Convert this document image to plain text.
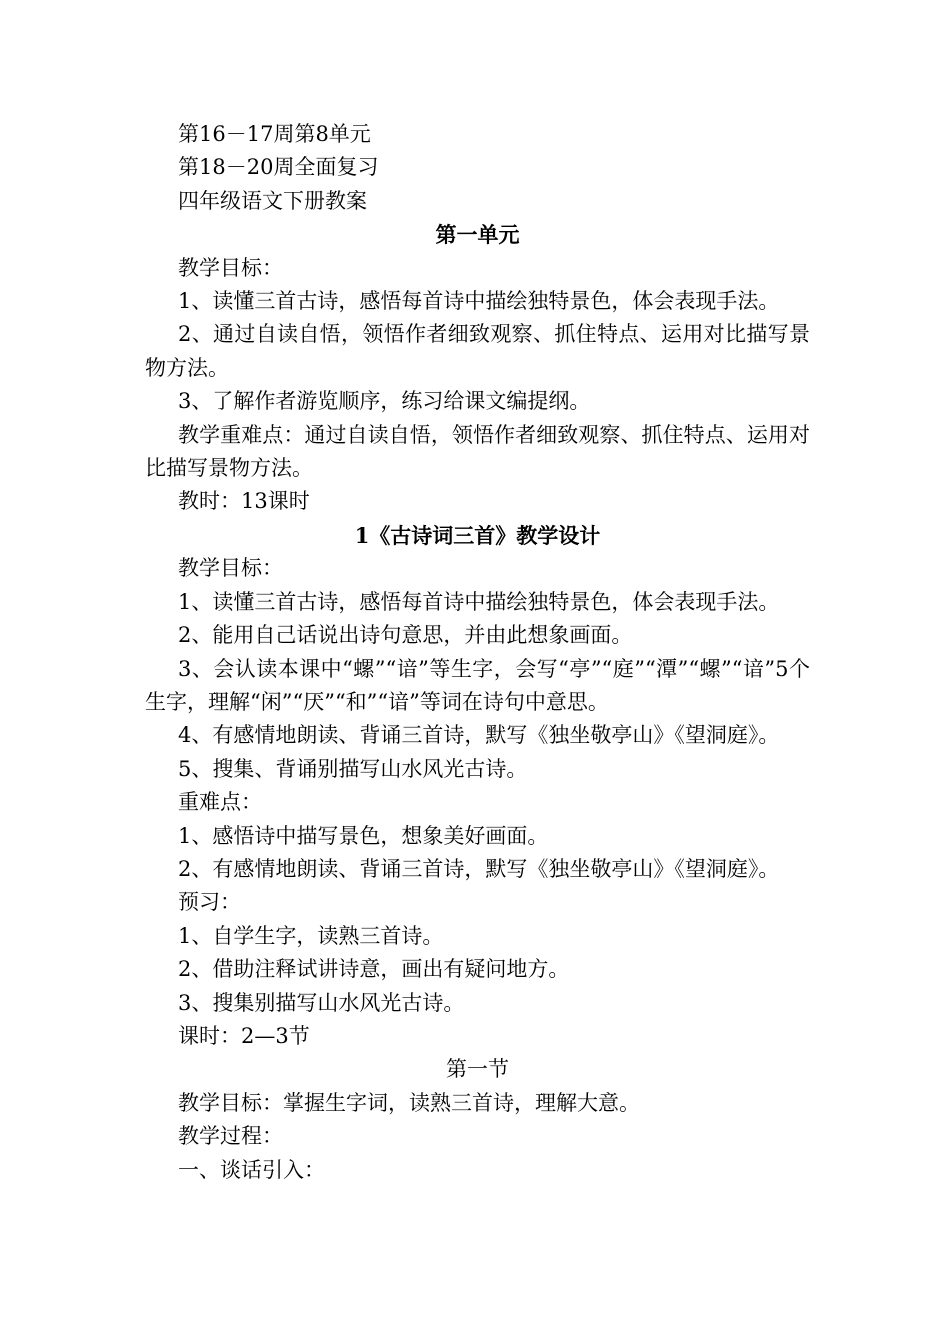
第16－17周第8单元

第18－20周全面复习

四年级语文下册教案

第一单元

教学目标：

1、读懂三首古诗，感悟每首诗中描绘独特景色，体会表现手法。

2、通过自读自悟，领悟作者细致观察、抓住特点、运用对比描写景物方法。

3、了解作者游览顺序，练习给课文编提纲。

教学重难点：通过自读自悟，领悟作者细致观察、抓住特点、运用对比描写景物方法。

教时：13课时

1《古诗词三首》教学设计

教学目标：

1、读懂三首古诗，感悟每首诗中描绘独特景色，体会表现手法。

2、能用自己话说出诗句意思，并由此想象画面。

3、会认读本课中“螺”“谙”等生字，会写“亭”“庭”“潭”“螺”“谙”5个生字，理解“闲”“厌”“和”“谙”等词在诗句中意思。

4、有感情地朗读、背诵三首诗，默写《独坐敬亭山》《望洞庭》。

5、搜集、背诵别描写山水风光古诗。

重难点：

1、感悟诗中描写景色，想象美好画面。

2、有感情地朗读、背诵三首诗，默写《独坐敬亭山》《望洞庭》。

预习：

1、自学生字，读熟三首诗。

2、借助注释试讲诗意，画出有疑问地方。

3、搜集别描写山水风光古诗。

课时：2—3节

第一节

教学目标：掌握生字词，读熟三首诗，理解大意。

教学过程：

一、谈话引入：
